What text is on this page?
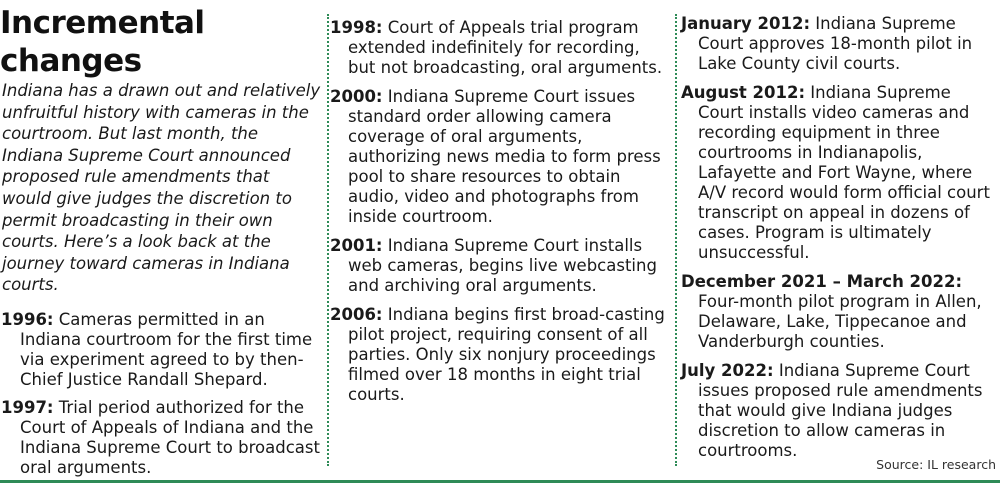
Incremental changes

Indiana has a drawn out and relatively unfruitful history with cameras in the courtroom. But last month, the Indiana Supreme Court announced proposed rule amendments that would give judges the discretion to permit broadcasting in their own courts. Here’s a look back at the journey toward cameras in Indiana courts.

1996: Cameras permitted in an Indiana courtroom for the first time via experiment agreed to by then-Chief Justice Randall Shepard.

1997: Trial period authorized for the Court of Appeals of Indiana and the Indiana Supreme Court to broadcast oral arguments.

1998: Court of Appeals trial program extended indefinitely for recording, but not broadcasting, oral arguments.

2000: Indiana Supreme Court issues standard order allowing camera coverage of oral arguments, authorizing news media to form press pool to share resources to obtain audio, video and photographs from inside courtroom.

2001: Indiana Supreme Court installs web cameras, begins live webcasting and archiving oral arguments.

2006: Indiana begins first broad-casting pilot project, requiring consent of all parties. Only six nonjury proceedings filmed over 18 months in eight trial courts.

January 2012: Indiana Supreme Court approves 18-month pilot in Lake County civil courts.

August 2012: Indiana Supreme Court installs video cameras and recording equipment in three courtrooms in Indianapolis, Lafayette and Fort Wayne, where A/V record would form official court transcript on appeal in dozens of cases. Program is ultimately unsuccessful.

December 2021 – March 2022: Four-month pilot program in Allen, Delaware, Lake, Tippecanoe and Vanderburgh counties.

July 2022: Indiana Supreme Court issues proposed rule amendments that would give Indiana judges discretion to allow cameras in courtrooms.

Source: IL research
